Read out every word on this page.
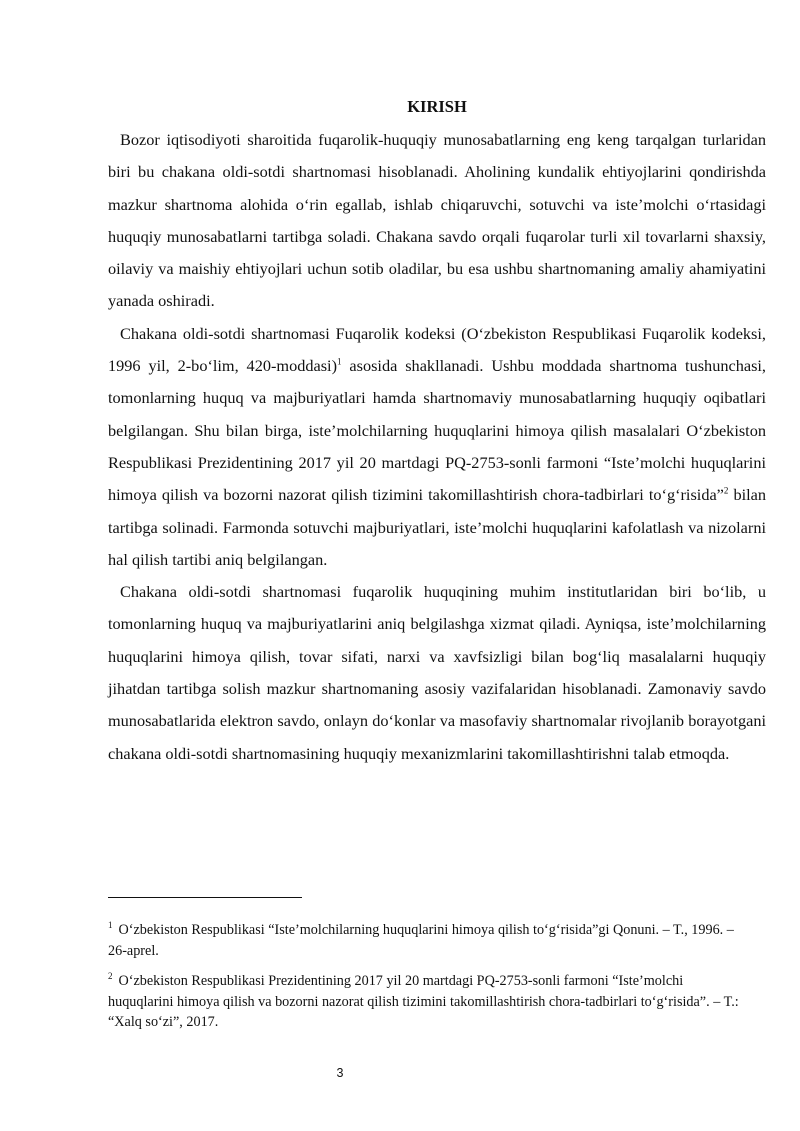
KIRISH

Bozor iqtisodiyoti sharoitida fuqarolik-huquqiy munosabatlarning eng keng tarqalgan turlaridan biri bu chakana oldi-sotdi shartnomasi hisoblanadi. Aholining kundalik ehtiyojlarini qondirishda mazkur shartnoma alohida o‘rin egallab, ishlab chiqaruvchi, sotuvchi va iste’molchi o‘rtasidagi huquqiy munosabatlarni tartibga soladi. Chakana savdo orqali fuqarolar turli xil tovarlarni shaxsiy, oilaviy va maishiy ehtiyojlari uchun sotib oladilar, bu esa ushbu shartnomaning amaliy ahamiyatini yanada oshiradi.

Chakana oldi-sotdi shartnomasi Fuqarolik kodeksi (O‘zbekiston Respublikasi Fuqarolik kodeksi, 1996 yil, 2-bo‘lim, 420-moddasi)$^1$ asosida shakllanadi. Ushbu moddada shartnoma tushunchasi, tomonlarning huquq va majburiyatlari hamda shartnomaviy munosabatlarning huquqiy oqibatlari belgilangan. Shu bilan birga, iste’molchilarning huquqlarini himoya qilish masalalari O‘zbekiston Respublikasi Prezidentining 2017 yil 20 martdagi PQ-2753-sonli farmoni “Iste’molchi huquqlarini himoya qilish va bozorni nazorat qilish tizimini takomillashtirish chora-tadbirlari to‘g‘risida”$^2$ bilan tartibga solinadi. Farmonda sotuvchi majburiyatlari, iste’molchi huquqlarini kafolatlash va nizolarni hal qilish tartibi aniq belgilangan.

Chakana oldi-sotdi shartnomasi fuqarolik huquqining muhim institutlaridan biri bo‘lib, u tomonlarning huquq va majburiyatlarini aniq belgilashga xizmat qiladi. Ayniqsa, iste’molchilarning huquqlarini himoya qilish, tovar sifati, narxi va xavfsizligi bilan bog‘liq masalalarni huquqiy jihatdan tartibga solish mazkur shartnomaning asosiy vazifalaridan hisoblanadi. Zamonaviy savdo munosabatlarida elektron savdo, onlayn do‘konlar va masofaviy shartnomalar rivojlanib borayotgani chakana oldi-sotdi shartnomasining huquqiy mexanizmlarini takomillashtirishni talab etmoqda.

$^1$ O‘zbekiston Respublikasi “Iste’molchilarning huquqlarini himoya qilish to‘g‘risida”gi Qonuni. – T., 1996. – 26-aprel.

$^2$ O‘zbekiston Respublikasi Prezidentining 2017 yil 20 martdagi PQ-2753-sonli farmoni “Iste’molchi huquqlarini himoya qilish va bozorni nazorat qilish tizimini takomillashtirish chora-tadbirlari to‘g‘risida”. – T.: “Xalq so‘zi”, 2017.

3
